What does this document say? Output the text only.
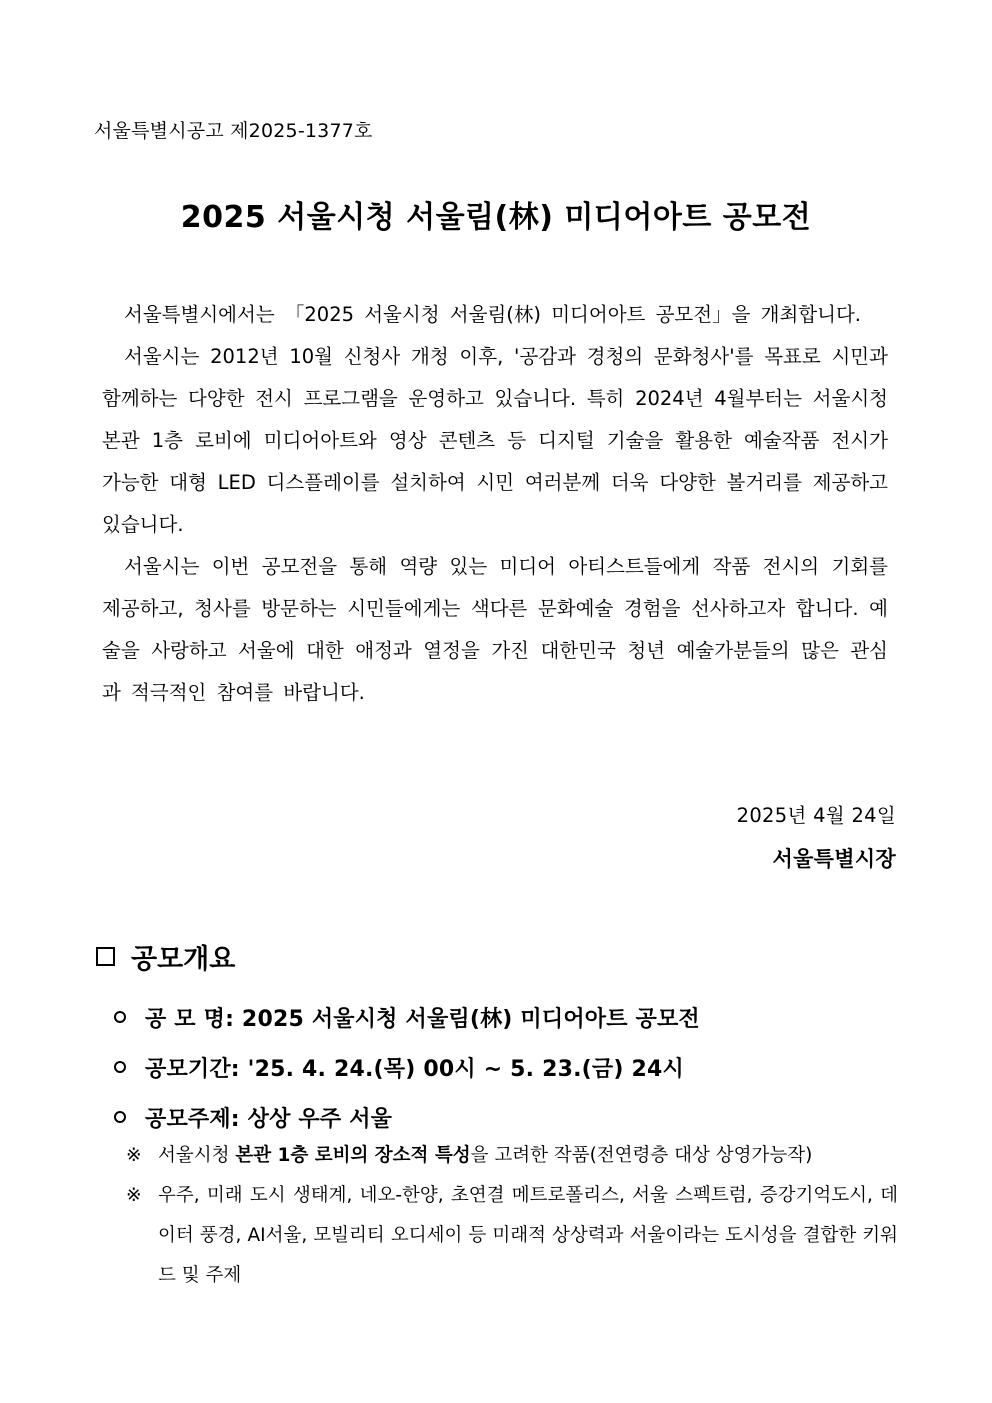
서울특별시공고 제2025-1377호
2025 서울시청 서울림(林) 미디어아트 공모전

서울특별시에서는 「2025 서울시청 서울림(林) 미디어아트 공모전」을 개최합니다.

서울시는 2012년 10월 신청사 개청 이후, '공감과 경청의 문화청사'를 목표로 시민과 함께하는 다양한 전시 프로그램을 운영하고 있습니다. 특히 2024년 4월부터는 서울시청 본관 1층 로비에 미디어아트와 영상 콘텐츠 등 디지털 기술을 활용한 예술작품 전시가 가능한 대형 LED 디스플레이를 설치하여 시민 여러분께 더욱 다양한 볼거리를 제공하고 있습니다.

서울시는 이번 공모전을 통해 역량 있는 미디어 아티스트들에게 작품 전시의 기회를 제공하고, 청사를 방문하는 시민들에게는 색다른 문화예술 경험을 선사하고자 합니다. 예술을 사랑하고 서울에 대한 애정과 열정을 가진 대한민국 청년 예술가분들의 많은 관심과 적극적인 참여를 바랍니다.

2025년 4월 24일
서울특별시장
공모개요
공 모 명: 2025 서울시청 서울림(林) 미디어아트 공모전
공모기간: '25. 4. 24.(목) 00시 ~ 5. 23.(금) 24시
공모주제: 상상 우주 서울
※ 서울시청 본관 1층 로비의 장소적 특성을 고려한 작품(전연령층 대상 상영가능작)
※ 우주, 미래 도시 생태계, 네오-한양, 초연결 메트로폴리스, 서울 스펙트럼, 증강기억도시, 데이터 풍경, AI서울, 모빌리티 오디세이 등 미래적 상상력과 서울이라는 도시성을 결합한 키워드 및 주제
